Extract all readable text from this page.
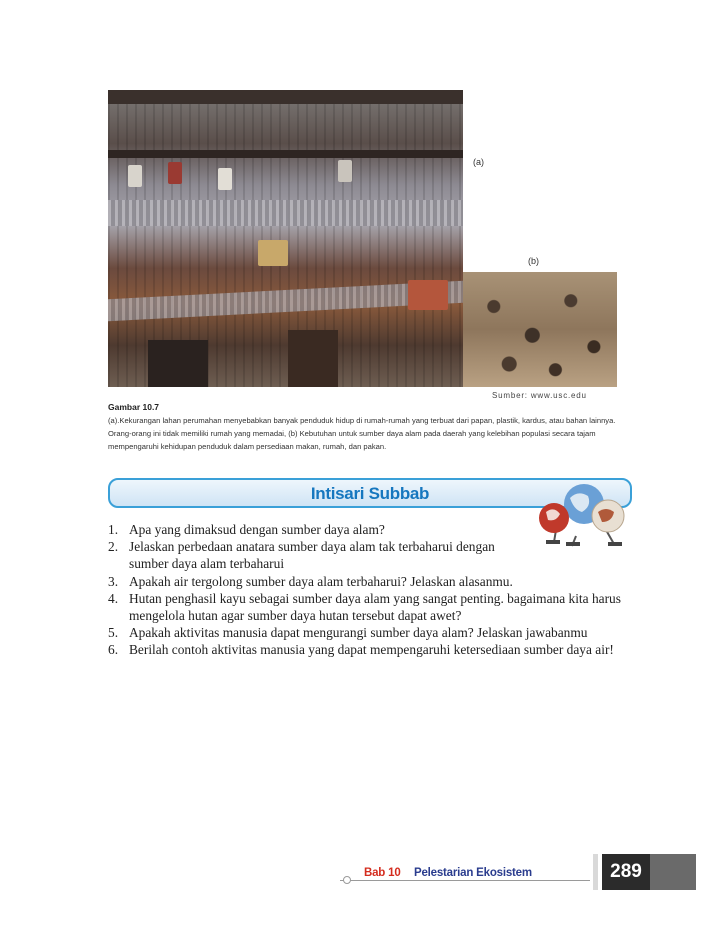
(a)
(b)
Sumber: www.usc.edu
Gambar 10.7
(a).Kekurangan lahan perumahan menyebabkan banyak penduduk hidup di rumah-rumah yang terbuat dari papan, plastik, kardus, atau bahan lainnya. Orang-orang ini tidak memiliki rumah yang memadai, (b) Kebutuhan untuk sumber daya alam pada daerah yang kelebihan populasi secara tajam mempengaruhi kehidupan penduduk dalam persediaan makan, rumah, dan pakan.
Intisari Subbab
1. Apa yang dimaksud dengan sumber daya alam?
2. Jelaskan perbedaan anatara sumber daya alam tak terbaharui dengan sumber daya alam terbaharui
3. Apakah air tergolong sumber daya alam terbaharui? Jelaskan alasanmu.
4. Hutan penghasil kayu sebagai sumber daya alam yang sangat penting. bagaimana kita harus mengelola hutan agar sumber daya hutan tersebut dapat awet?
5. Apakah aktivitas manusia dapat mengurangi sumber daya alam? Jelaskan jawabanmu
6. Berilah contoh aktivitas manusia yang dapat mempengaruhi ketersediaan sumber daya air!
Bab 10 Pelestarian Ekosistem	289
